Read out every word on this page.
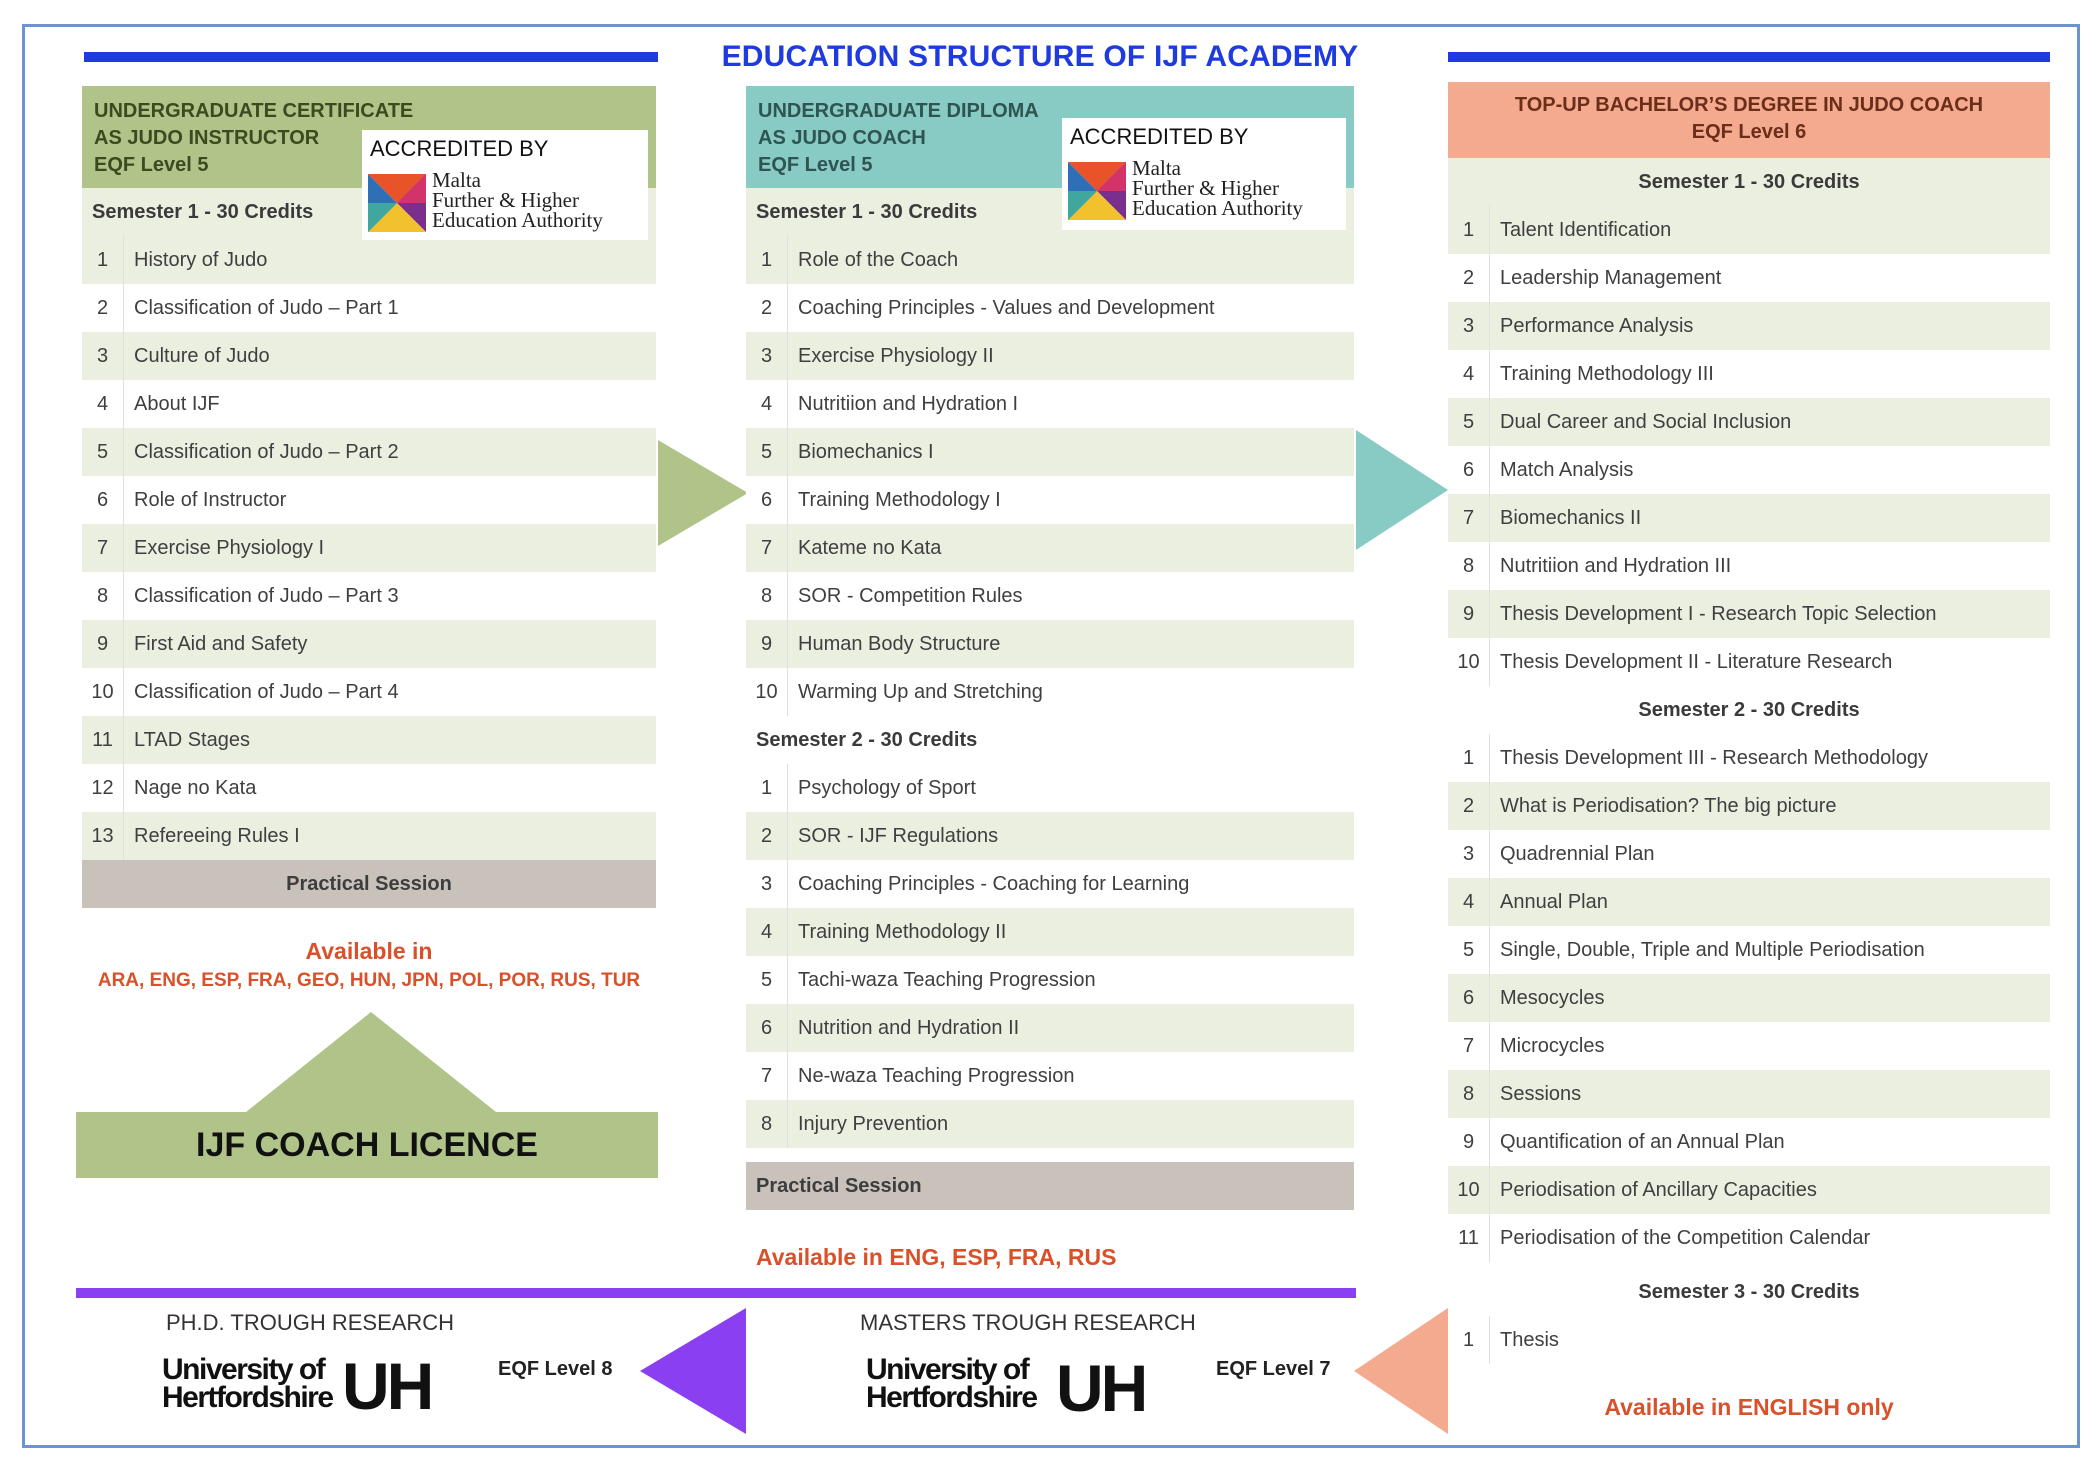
EDUCATION STRUCTURE OF IJF ACADEMY
UNDERGRADUATE CERTIFICATE
AS JUDO INSTRUCTOR
EQF Level 5
Semester 1 - 30 Credits
1	History of Judo
2	Classification of Judo – Part 1
3	Culture of Judo
4	About IJF
5	Classification of Judo – Part 2
6	Role of Instructor
7	Exercise Physiology I
8	Classification of Judo – Part 3
9	First Aid and Safety
10	Classification of Judo – Part 4
11	LTAD Stages
12	Nage no Kata
13	Refereeing Rules I
Practical Session
ACCREDITED BY
Malta
Further & Higher
Education Authority
Available in
ARA, ENG, ESP, FRA, GEO, HUN, JPN, POL, POR, RUS, TUR
IJF COACH LICENCE
UNDERGRADUATE DIPLOMA
AS JUDO COACH
EQF Level 5
Semester 1 - 30 Credits
1	Role of the Coach
2	Coaching Principles - Values and Development
3	Exercise Physiology II
4	Nutritiion and Hydration I
5	Biomechanics I
6	Training Methodology I
7	Kateme no Kata
8	SOR - Competition Rules
9	Human Body Structure
10	Warming Up and Stretching
Semester 2 - 30 Credits
1	Psychology of Sport
2	SOR - IJF Regulations
3	Coaching Principles - Coaching for Learning
4	Training Methodology II
5	Tachi-waza Teaching Progression
6	Nutrition and Hydration II
7	Ne-waza Teaching Progression
8	Injury Prevention
Practical Session
ACCREDITED BY
Malta
Further & Higher
Education Authority
Available in ENG, ESP, FRA, RUS
TOP-UP BACHELOR’S DEGREE IN JUDO COACH
EQF Level 6
Semester 1 - 30 Credits
1	Talent Identification
2	Leadership Management
3	Performance Analysis
4	Training Methodology III
5	Dual Career and Social Inclusion
6	Match Analysis
7	Biomechanics II
8	Nutritiion and Hydration III
9	Thesis Development I - Research Topic Selection
10	Thesis Development II - Literature Research
Semester 2 - 30 Credits
1	Thesis Development III - Research Methodology
2	What is Periodisation? The big picture
3	Quadrennial Plan
4	Annual Plan
5	Single, Double, Triple and Multiple Periodisation
6	Mesocycles
7	Microcycles
8	Sessions
9	Quantification of an Annual Plan
10	Periodisation of Ancillary Capacities
11	Periodisation of the Competition Calendar
Semester 3 - 30 Credits
1	Thesis
Available in ENGLISH only
PH.D. TROUGH RESEARCH
University of
Hertfordshire UH	EQF Level 8
MASTERS TROUGH RESEARCH
University of
Hertfordshire UH	EQF Level 7
